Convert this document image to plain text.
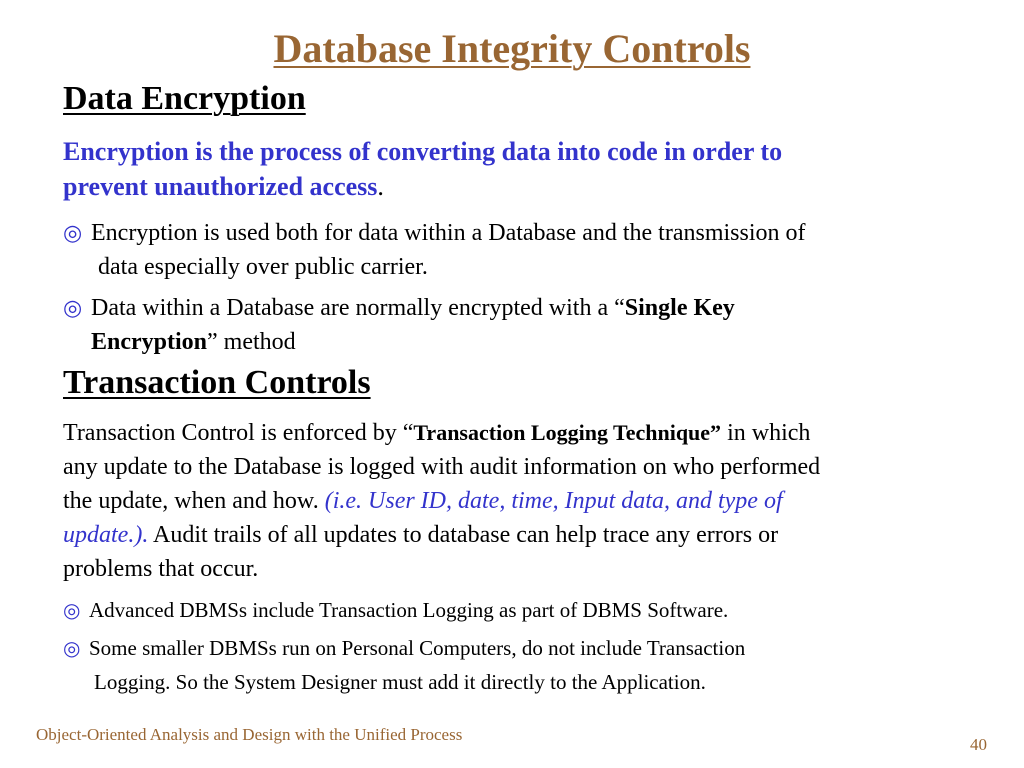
Database Integrity Controls
Data Encryption
Encryption is the process of converting data into code in order to
prevent unauthorized access.
◎ Encryption is used both for data within a Database and the transmission of
data especially over public carrier.
◎ Data within a Database are normally encrypted with a “Single Key
Encryption” method
Transaction Controls
Transaction Control is enforced by “Transaction Logging Technique” in which
any update to the Database is logged with audit information on who performed
the update, when and how. (i.e. User ID, date, time, Input data, and type of
update.). Audit trails of all updates to database can help trace any errors or
problems that occur.
◎ Advanced DBMSs include Transaction Logging as part of DBMS Software.
◎ Some smaller DBMSs run on Personal Computers, do not include Transaction
Logging. So the System Designer must add it directly to the Application.
Object-Oriented Analysis and Design with the Unified Process
40
